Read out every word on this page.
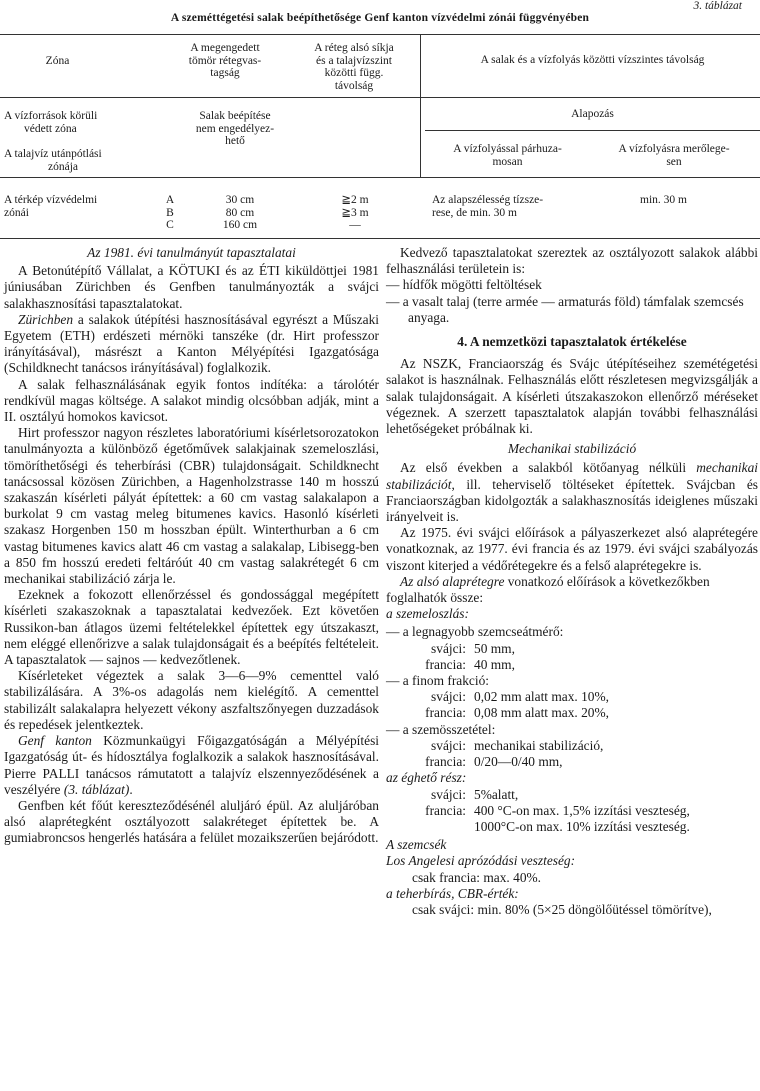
3. táblázat
A szeméttégetési salak beépíthetősége Genf kanton vízvédelmi zónái függvényében
Zóna
A megengedett
tömör rétegvas-
tagság
A réteg alsó síkja
és a talajvízszint
közötti függ.
távolság
A salak és a vízfolyás közötti vízszintes távolság
A vízforrások körüli
védett zóna
A talajvíz utánpótlási
zónája
Salak beépítése
nem engedélyez-
hető
Alapozás
A vízfolyással párhuza-
mosan
A vízfolyásra merőlege-
sen
A térkép vízvédelmi
zónái
A
B
C
30 cm
80 cm
160 cm
≧2 m
≧3 m
—
Az alapszélesség tízsze-
rese, de min. 30 m
min. 30 m

Az 1981. évi tanulmányút tapasztalatai

A Betonútépítő Vállalat, a KÖTUKI és az ÉTI kiküldöttjei 1981 júniusában Zürichben és Genfben tanulmányozták a svájci salakhasznosítási tapasztalatokat.

Zürichben a salakok útépítési hasznosításával egyrészt a Műszaki Egyetem (ETH) erdészeti mérnöki tanszéke (dr. Hirt professzor irányításával), másrészt a Kanton Mélyépítési Igazgatósága (Schildknecht tanácsos irányításával) foglalkozik.

A salak felhasználásának egyik fontos indítéka: a tárolótér rendkívül magas költsége. A salakot mindig olcsóbban adják, mint a II. osztályú homokos kavicsot.

Hirt professzor nagyon részletes laboratóriumi kísérletsorozatokon tanulmányozta a különböző égetőművek salakjainak szemeloszlási, tömöríthetőségi és teherbírási (CBR) tulajdonságait. Schildknecht tanácsossal közösen Zürichben, a Hagenholzstrasse 140 m hosszú szakaszán kísérleti pályát építettek: a 60 cm vastag salakalapon a burkolat 9 cm vastag meleg bitumenes kavics. Hasonló kísérleti szakasz Horgenben 150 m hosszban épült. Winterthurban a 6 cm vastag bitumenes kavics alatt 46 cm vastag a salakalap, Libisegg-ben a 850 fm hosszú eredeti feltáróút 40 cm vastag salakrétegét 6 cm mechanikai stabilizáció zárja le.

Ezeknek a fokozott ellenőrzéssel és gondossággal megépített kísérleti szakaszoknak a tapasztalatai kedvezőek. Ezt követően Russikon-ban átlagos üzemi feltételekkel építettek egy útszakaszt, nem eléggé ellenőrizve a salak tulajdonságait és a beépítés feltételeit. A tapasztalatok — sajnos — kedvezőtlenek.

Kísérleteket végeztek a salak 3—6—9% cementtel való stabilizálására. A 3%-os adagolás nem kielégítő. A cementtel stabilizált salakalapra helyezett vékony aszfaltszőnyegen duzzadások és repedések jelentkeztek.

Genf kanton Közmunkaügyi Főigazgatóságán a Mélyépítési Igazgatóság út- és hídosztálya foglalkozik a salakok hasznosításával. Pierre PALLI tanácsos rámutatott a talajvíz elszennyeződésének a veszélyére (3. táblázat).

Genfben két főút kereszteződésénél aluljáró épül. Az aluljáróban alsó alaprétegként osztályozott salakréteget építettek be. A gumiabroncsos hengerlés hatására a felület mozaikszerűen bejáródott.

Kedvező tapasztalatokat szereztek az osztályozott salakok alábbi felhasználási területein is:

— hídfők mögötti feltöltések

— a vasalt talaj (terre armée — armaturás föld) támfalak szemcsés anyaga.

4. A nemzetközi tapasztalatok értékelése

Az NSZK, Franciaország és Svájc útépítéseihez szemétégetési salakot is használnak. Felhasználás előtt részletesen megvizsgálják a salak tulajdonságait. A kísérleti útszakaszokon ellenőrző méréseket végeznek. A szerzett tapasztalatok alapján további felhasználási lehetőségeket próbálnak ki.

Mechanikai stabilizáció

Az első években a salakból kötőanyag nélküli mechanikai stabilizációt, ill. teherviselő töltéseket építettek. Svájcban és Franciaországban kidolgozták a salakhasznosítás ideiglenes műszaki irányelveit is.

Az 1975. évi svájci előírások a pályaszerkezet alsó alaprétegére vonatkoznak, az 1977. évi francia és az 1979. évi svájci szabályozás viszont kiterjed a védőrétegekre és a felső alaprétegekre is.

Az alsó alaprétegre vonatkozó előírások a következőkben foglalhatók össze:

a szemeloszlás:

— a legnagyobb szemcseátmérő:

svájci: 50 mm,
francia: 40 mm,

— a finom frakció:

svájci: 0,02 mm alatt max. 10%,
francia: 0,08 mm alatt max. 20%,

— a szemösszetétel:

svájci: mechanikai stabilizáció,
francia: 0/20—0/40 mm,

az éghető rész:

svájci: 5%alatt,
francia: 400 °C-on max. 1,5% izzítási veszteség,
1000°C-on max. 10% izzítási veszteség.

A szemcsék

Los Angelesi aprózódási veszteség:

csak francia: max. 40%.

a teherbírás, CBR-érték:

csak svájci: min. 80% (5×25 döngölőütéssel tömörítve),
